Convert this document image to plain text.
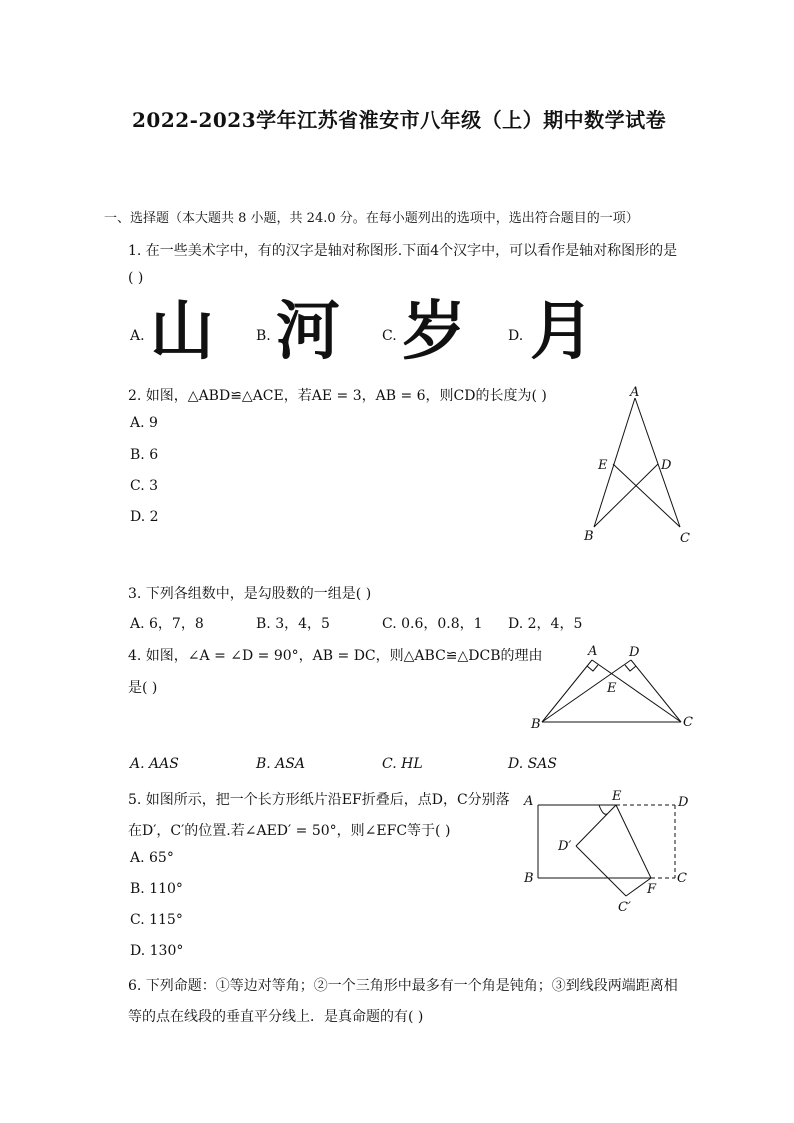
2022-2023学年江苏省淮安市八年级（上）期中数学试卷
一、选择题（本大题共 8 小题，共 24.0 分。在每小题列出的选项中，选出符合题目的一项）
1. 在一些美术字中，有的汉字是轴对称图形.下面4个汉字中，可以看作是轴对称图形的是
( )
A. 山	B. 河	C. 岁	D. 月
2. 如图，△ABD≌△ACE，若AE = 3，AB = 6，则CD的长度为( )
A. 9
B. 6
C. 3
D. 2
A
E	D
B	C
3. 下列各组数中，是勾股数的一组是( )
A. 6，7，8	B. 3，4，5	C. 0.6，0.8，1 D. 2，4，5
4. 如图，∠A = ∠D = 90°，AB = DC，则△ABC≌△DCB的理由
是( )
A D
E
B	C
A. AAS	B. ASA	C. HL	D. SAS
5. 如图所示，把一个长方形纸片沿EF折叠后，点D，C分别落
在D′，C′的位置.若∠AED′ = 50°，则∠EFC等于( )
A. 65°
B. 110°
C. 115°
D. 130°
A	E	D
D′
B
F
C
C′
6. 下列命题：①等边对等角；②一个三角形中最多有一个角是钝角；③到线段两端距离相
等的点在线段的垂直平分线上．是真命题的有( )
